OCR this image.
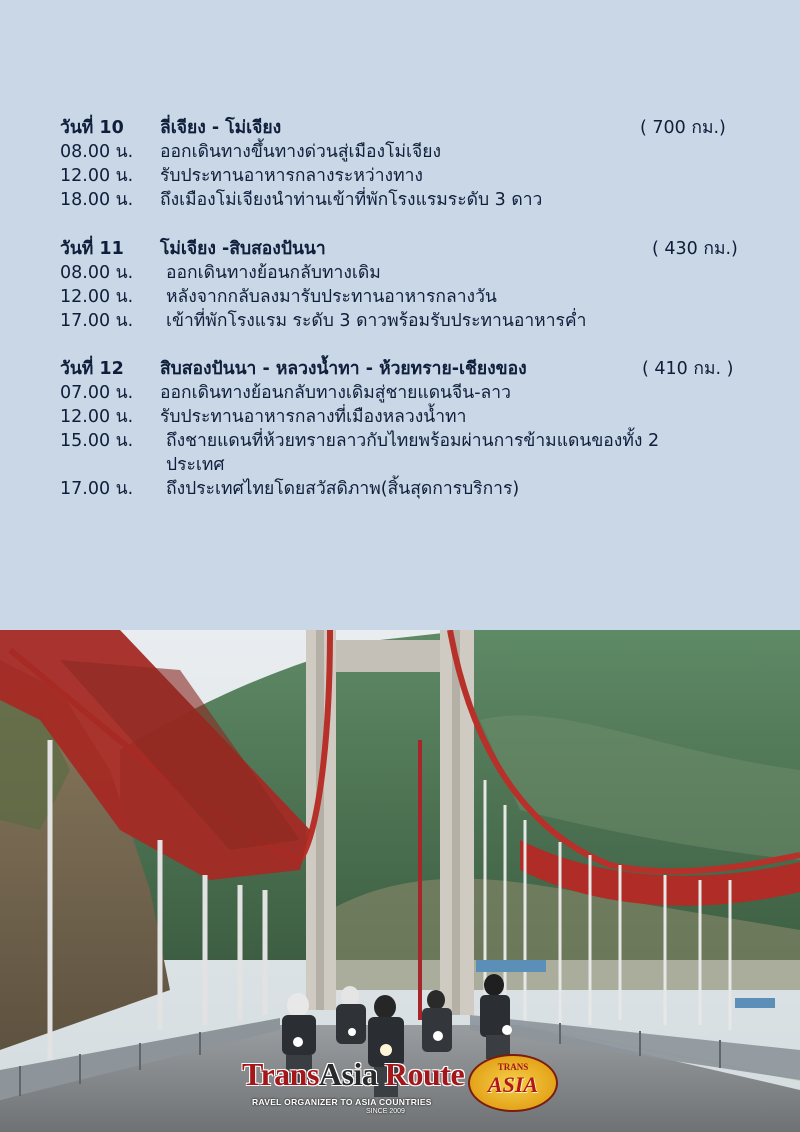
วันที่ 10 ลี่เจียง - โม่เจียง	( 700 กม.)
08.00 น. ออกเดินทางขึ้นทางด่วนสู่เมืองโม่เจียง
12.00 น. รับประทานอาหารกลางระหว่างทาง
18.00 น. ถึงเมืองโม่เจียงนำท่านเข้าที่พักโรงแรมระดับ 3 ดาว
วันที่ 11 โม่เจียง -สิบสองปันนา	( 430 กม.)
08.00 น. ออกเดินทางย้อนกลับทางเดิม
12.00 น. หลังจากกลับลงมารับประทานอาหารกลางวัน
17.00 น. เข้าที่พักโรงแรม ระดับ 3 ดาวพร้อมรับประทานอาหารค่ำ
วันที่ 12 สิบสองปันนา - หลวงน้ำทา - ห้วยทราย-เชียงของ	( 410 กม. )
07.00 น. ออกเดินทางย้อนกลับทางเดิมสู่ชายแดนจีน-ลาว
12.00 น. รับประทานอาหารกลางที่เมืองหลวงน้ำทา
15.00 น. ถึงชายแดนที่ห้วยทรายลาวกับไทยพร้อมผ่านการข้ามแดนของทั้ง 2
ประเทศ
17.00 น. ถึงประเทศไทยโดยสวัสดิภาพ(สิ้นสุดการบริการ)
TransAsia Route
RAVEL ORGANIZER TO ASIA COUNTRIES
SINCE 2009
TRANS
ASIA
